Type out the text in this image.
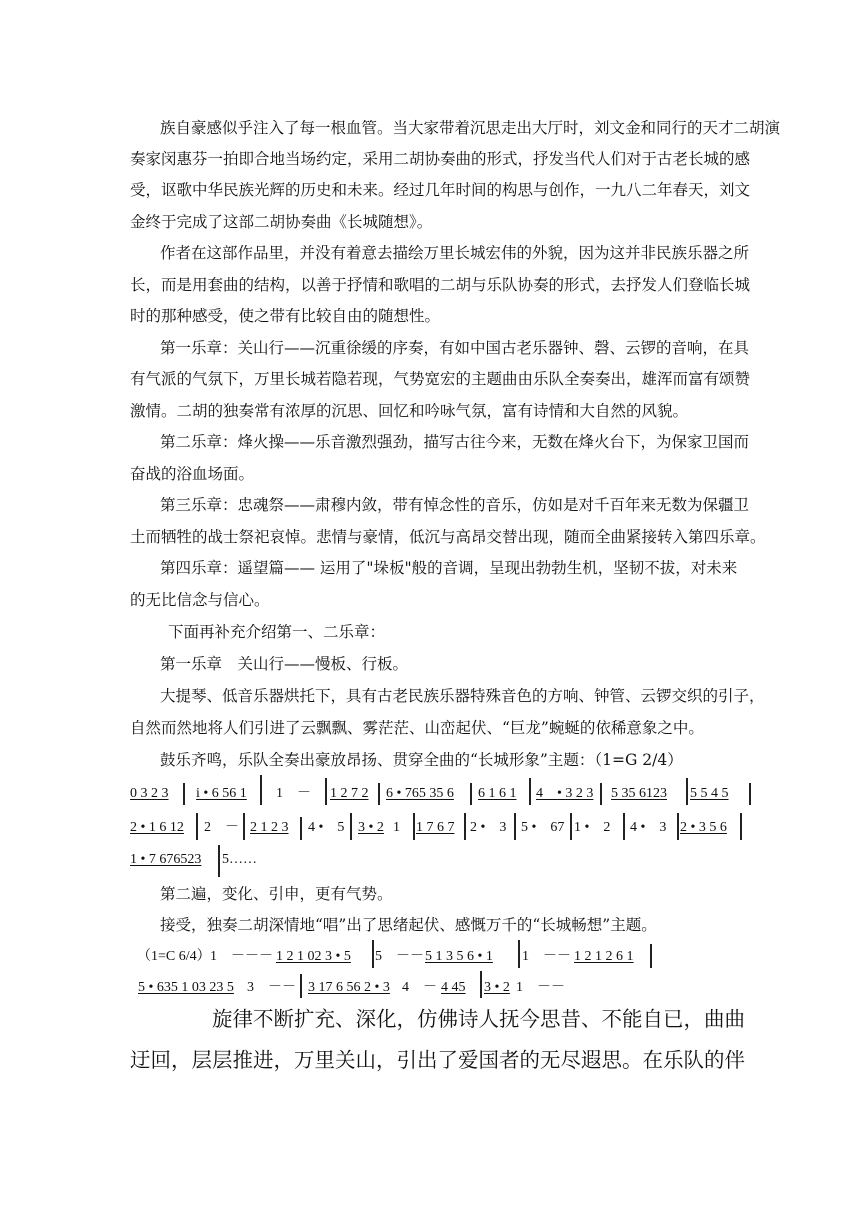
族自豪感似乎注入了每一根血管。当大家带着沉思走出大厅时，刘文金和同行的天才二胡演
奏家闵惠芬一拍即合地当场约定，采用二胡协奏曲的形式，抒发当代人们对于古老长城的感
受，讴歌中华民族光辉的历史和未来。经过几年时间的构思与创作，一九八二年春天，刘文
金终于完成了这部二胡协奏曲《长城随想》。
作者在这部作品里，并没有着意去描绘万里长城宏伟的外貌，因为这并非民族乐器之所
长，而是用套曲的结构，以善于抒情和歌唱的二胡与乐队协奏的形式，去抒发人们登临长城
时的那种感受，使之带有比较自由的随想性。
第一乐章：关山行——沉重徐缓的序奏，有如中国古老乐器钟、磬、云锣的音响，在具
有气派的气氛下，万里长城若隐若现，气势宽宏的主题曲由乐队全奏奏出，雄浑而富有颂赞
激情。二胡的独奏常有浓厚的沉思、回忆和吟咏气氛，富有诗情和大自然的风貌。
第二乐章：烽火操——乐音激烈强劲，描写古往今来，无数在烽火台下，为保家卫国而
奋战的浴血场面。
第三乐章：忠魂祭——肃穆内敛，带有悼念性的音乐，仿如是对千百年来无数为保疆卫
土而牺牲的战士祭祀哀悼。悲情与豪情，低沉与高昂交替出现，随而全曲紧接转入第四乐章。
第四乐章：遥望篇—— 运用了"垛板"般的音调，呈现出勃勃生机，坚韧不拔，对未来
的无比信念与信心。
下面再补充介绍第一、二乐章：
第一乐章　关山行——慢板、行板。
大提琴、低音乐器烘托下，具有古老民族乐器特殊音色的方响、钟管、云锣交织的引子，
自然而然地将人们引进了云飘飘、雾茫茫、山峦起伏、“巨龙”蜿蜒的依稀意象之中。
鼓乐齐鸣，乐队全奏出豪放昂扬、贯穿全曲的“长城形象”主题：（1=G 2/4）
0 3 2 3 i • 6 56 1 1　－ 1 2 7 2 6 • 765 35 6 6 1 6 1 4　• 3 2 3 5 35 6123 5 5 4 5
2 • 1 6 12 2　－ 2 1 2 3 4 •　5 3 • 2 1 1 7 6 7 2 •　3 5 •　67 1 •　2 4 •　3 2 • 3 5 6
1 • 7 676523 5……
第二遍，变化、引申，更有气势。
接受，独奏二胡深情地“唱”出了思绪起伏、感慨万千的“长城畅想”主题。
（1=C 6/4） 1　－－－ 1 2 1 02 3 • 5 5　－－ 5 1 3 5 6 • 1 1　－－ 1 2 1 2 6 1
5 • 635 1 03 23 5 3　－－ 3 17 6 56 2 • 3 4　－ 4 45 3 • 2 1　－－
旋律不断扩充、深化，仿佛诗人抚今思昔、不能自已，曲曲
迂回，层层推进，万里关山，引出了爱国者的无尽遐思。在乐队的伴
